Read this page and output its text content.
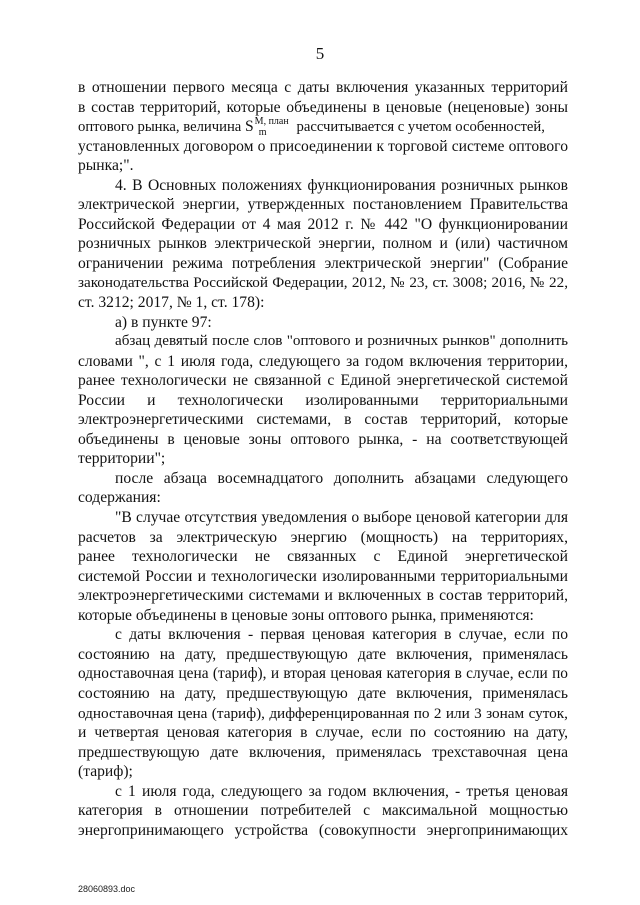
5
в отношении первого месяца с даты включения указанных территорий
в состав территорий, которые объединены в ценовые (неценовые) зоны
оптового рынка, величина $S^{M, план}_m$ рассчитывается с учетом особенностей,
установленных договором о присоединении к торговой системе оптового
рынка;".
4. В Основных положениях функционирования розничных рынков
электрической энергии, утвержденных постановлением Правительства
Российской Федерации от 4 мая 2012 г. № 442 "О функционировании
розничных рынков электрической энергии, полном и (или) частичном
ограничении режима потребления электрической энергии" (Собрание
законодательства Российской Федерации, 2012, № 23, ст. 3008; 2016, № 22,
ст. 3212; 2017, № 1, ст. 178):
а) в пункте 97:
абзац девятый после слов "оптового и розничных рынков" дополнить
словами ", с 1 июля года, следующего за годом включения территории,
ранее технологически не связанной с Единой энергетической системой
России и технологически изолированными территориальными
электроэнергетическими системами, в состав территорий, которые
объединены в ценовые зоны оптового рынка, - на соответствующей
территории";
после абзаца восемнадцатого дополнить абзацами следующего
содержания:
"В случае отсутствия уведомления о выборе ценовой категории для
расчетов за электрическую энергию (мощность) на территориях,
ранее технологически не связанных с Единой энергетической
системой России и технологически изолированными территориальными
электроэнергетическими системами и включенных в состав территорий,
которые объединены в ценовые зоны оптового рынка, применяются:
с даты включения - первая ценовая категория в случае, если по
состоянию на дату, предшествующую дате включения, применялась
одноставочная цена (тариф), и вторая ценовая категория в случае, если по
состоянию на дату, предшествующую дате включения, применялась
одноставочная цена (тариф), дифференцированная по 2 или 3 зонам суток,
и четвертая ценовая категория в случае, если по состоянию на дату,
предшествующую дате включения, применялась трехставочная цена
(тариф);
с 1 июля года, следующего за годом включения, - третья ценовая
категория в отношении потребителей с максимальной мощностью
энергопринимающего устройства (совокупности энергопринимающих
28060893.doc
